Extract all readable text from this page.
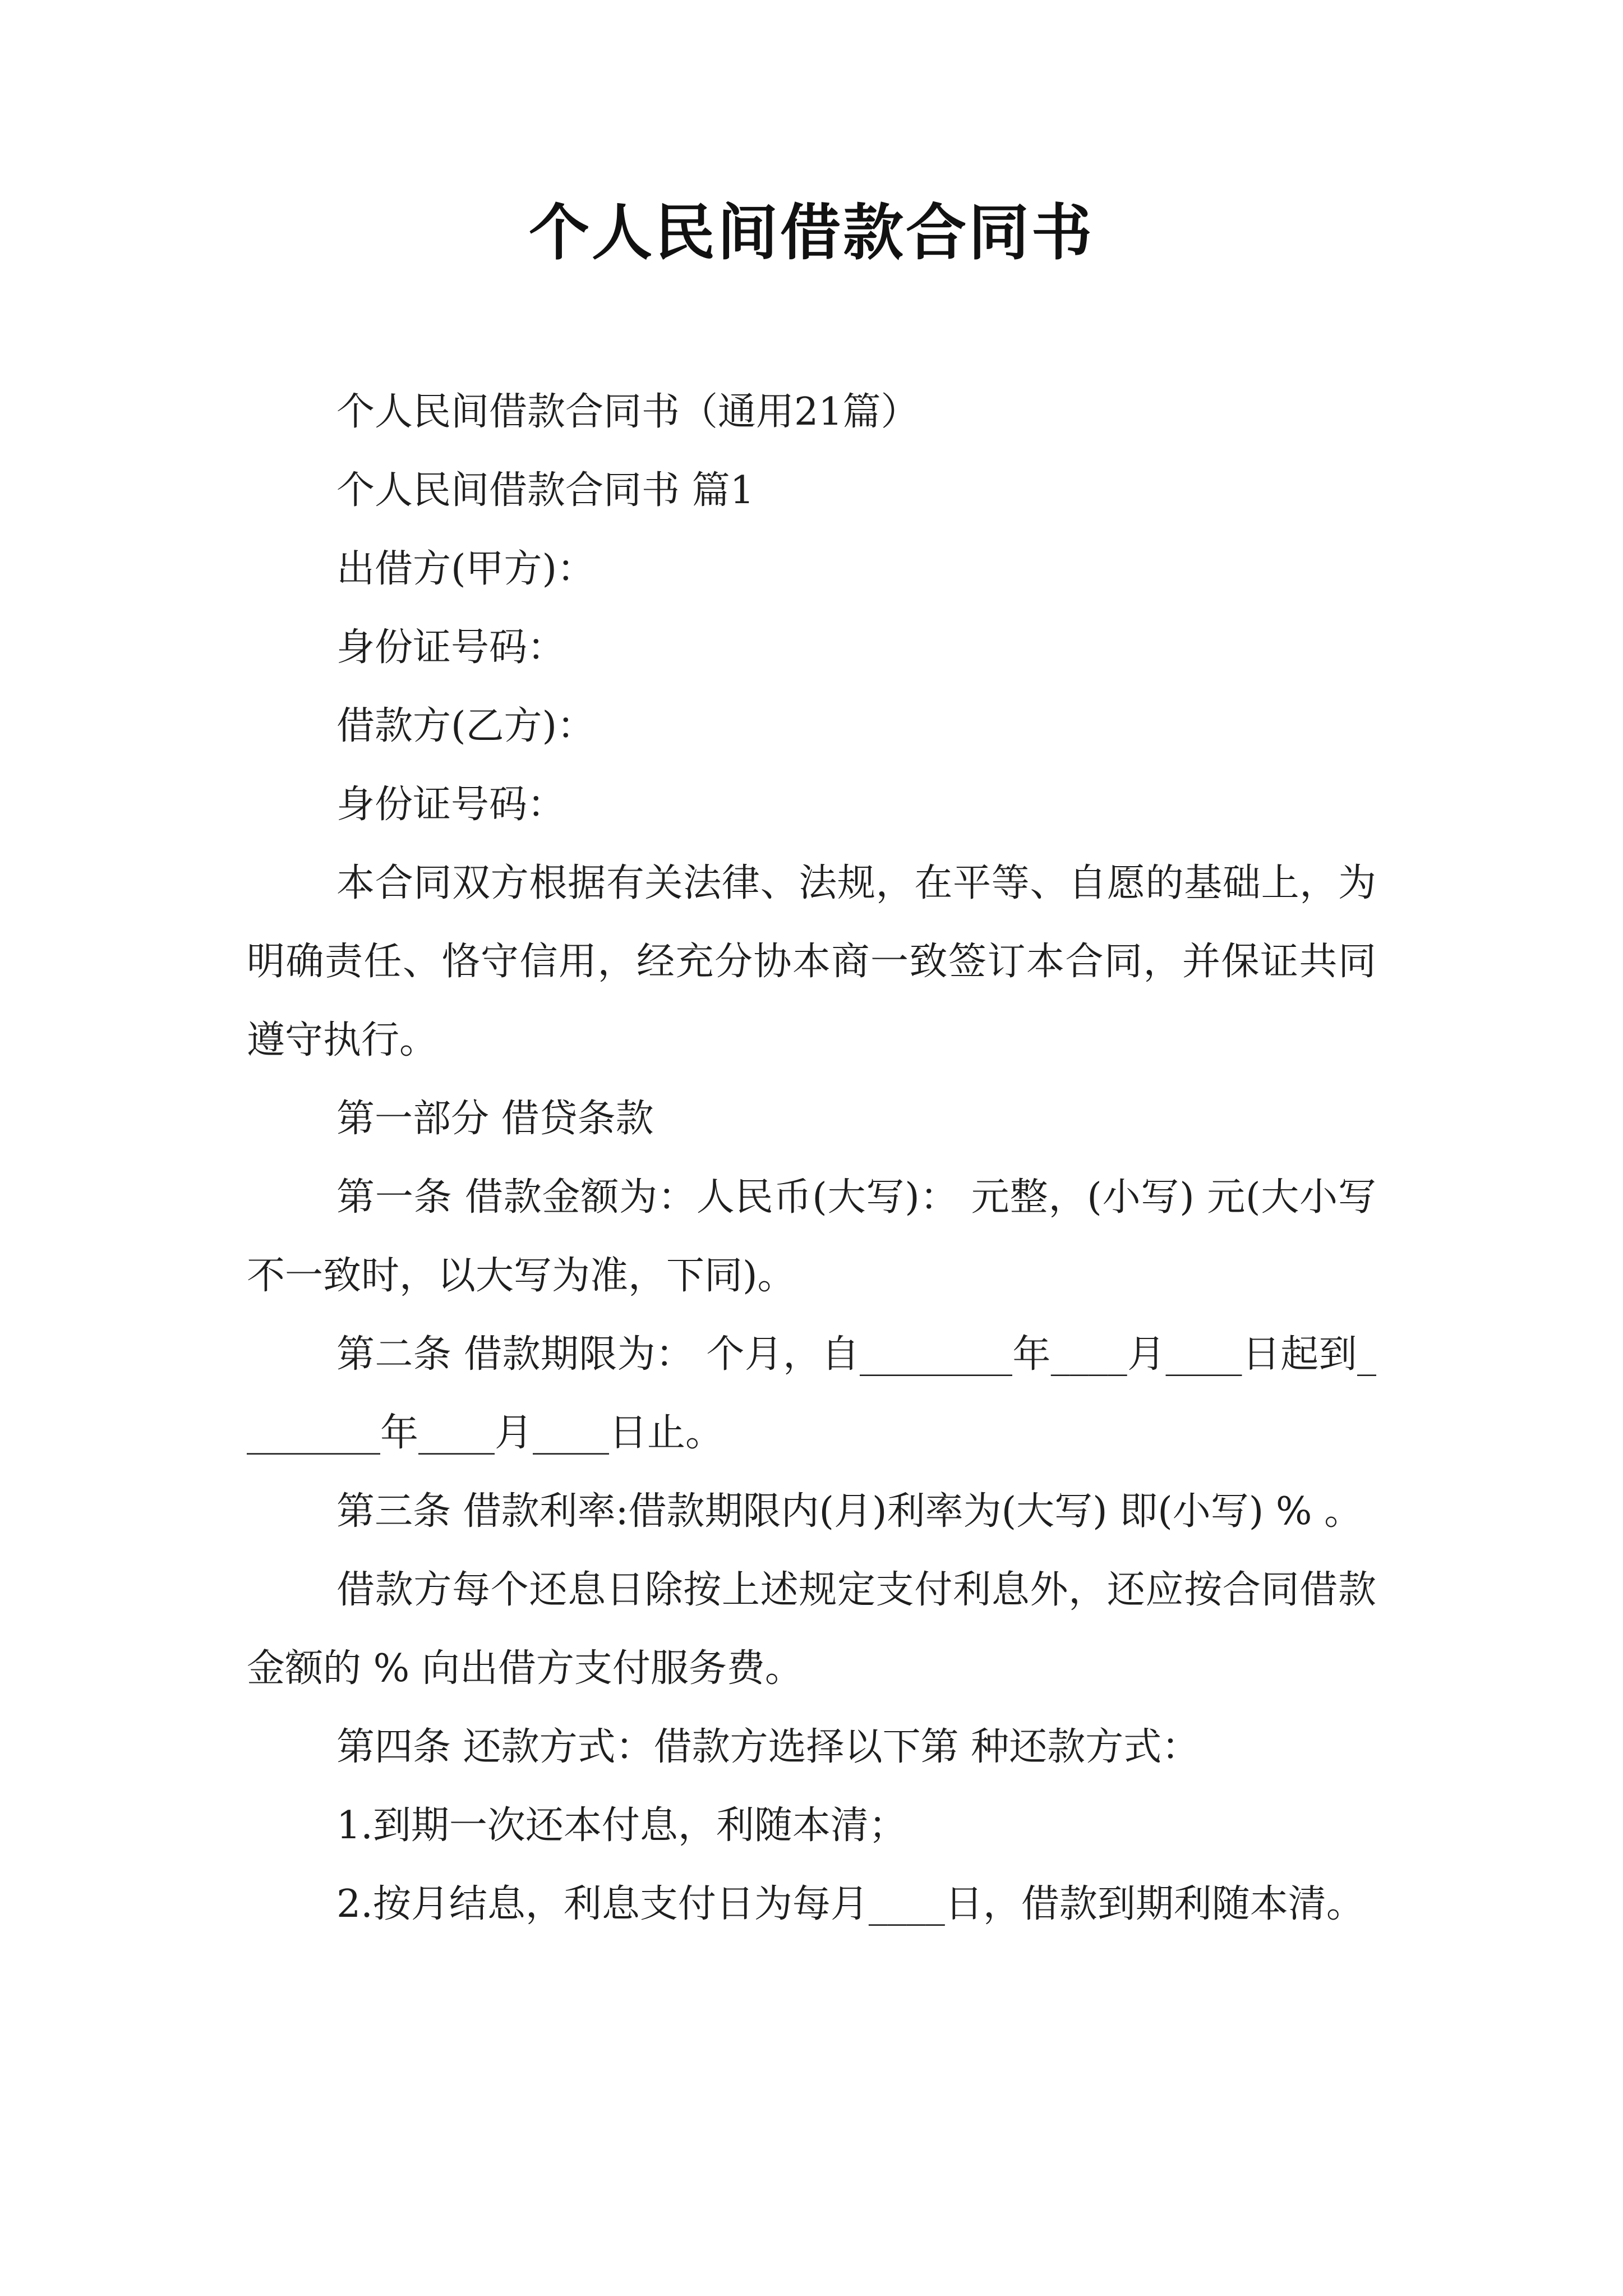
个人民间借款合同书

个人民间借款合同书（通用21篇）

个人民间借款合同书 篇1

出借方(甲方)：

身份证号码：

借款方(乙方)：

身份证号码：

本合同双方根据有关法律、法规，在平等、自愿的基础上，为明确责任、恪守信用，经充分协本商一致签订本合同，并保证共同遵守执行。

第一部分 借贷条款

第一条 借款金额为：人民币(大写)： 元整，(小写) 元(大小写不一致时，以大写为准，下同)。

第二条 借款期限为： 个月，自________年____月____日起到________年____月____日止。

第三条 借款利率:借款期限内(月)利率为(大写) 即(小写) % 。

借款方每个还息日除按上述规定支付利息外，还应按合同借款金额的 % 向出借方支付服务费。

第四条 还款方式：借款方选择以下第 种还款方式：

1.到期一次还本付息，利随本清；

2.按月结息，利息支付日为每月____日，借款到期利随本清。
